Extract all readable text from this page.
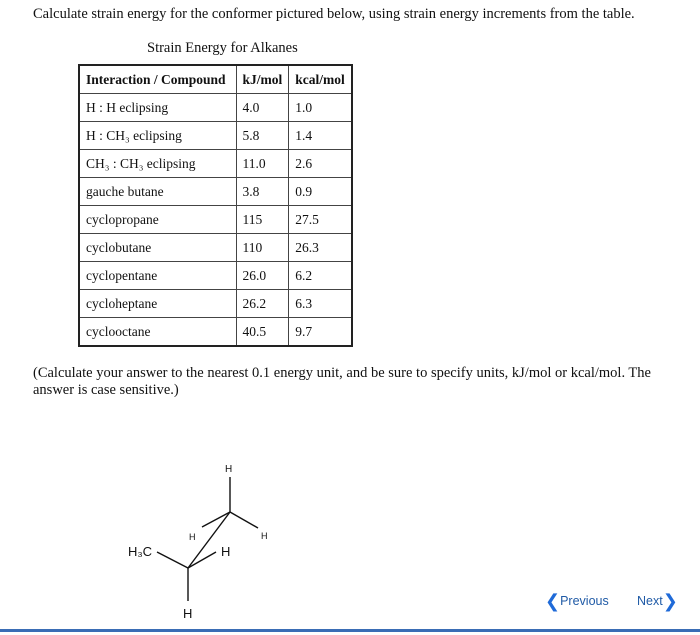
Calculate strain energy for the conformer pictured below, using strain energy increments from the table.
Strain Energy for Alkanes
Interaction / Compound	kJ/mol	kcal/mol
H : H eclipsing	4.0	1.0
H : CH₃ eclipsing	5.8	1.4
CH₃ : CH₃ eclipsing	11.0	2.6
gauche butane	3.8	0.9
cyclopropane	115	27.5
cyclobutane	110	26.3
cyclopentane	26.0	6.2
cycloheptane	26.2	6.3
cyclooctane	40.5	9.7
(Calculate your answer to the nearest 0.1 energy unit, and be sure to specify units, kJ/mol or kcal/mol. The answer is case sensitive.)
H
H	H
H₃C	H
H
❮ Previous Next ❯
